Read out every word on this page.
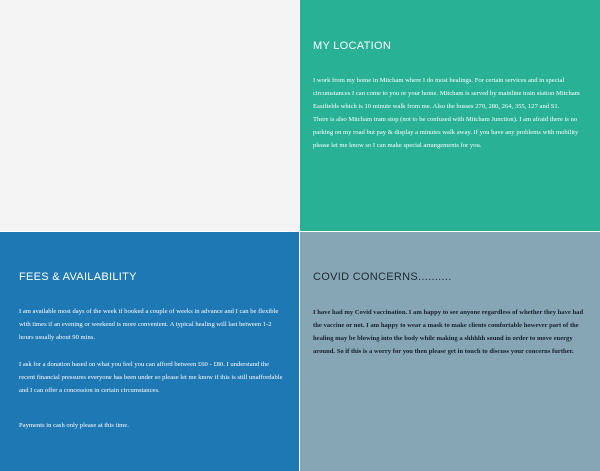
MY LOCATION

I work from my home in Mitcham where I do most healings. For certain services and in special circumstances I can come to you or your home. Mitcham is served by mainline train station Mitcham Eastfields which is 10 minute walk from me. Also the busses 270, 280, 264, 355, 127 and S1.

There is also Mitcham tram stop (not to be confused with Mitcham Junction). I am afraid there is no parking on my road but pay & display a minutes walk away. If you have any problems with mobility please let me know so I can make special arrangements for you.

FEES & AVAILABILITY

I am available most days of the week if booked a couple of weeks in advance and I can be flexible with times if an evening or weekend is more convenient. A typical healing will last between 1-2 hours usually about 90 mins.

I ask for a donation based on what you feel you can afford between £60 - £80. I understand the recent financial pressures everyone has been under so please let me know if this is still unaffordable and I can offer a concession in certain circumstances.

Payments in cash only please at this time.

COVID CONCERNS..........

I have had my Covid vaccination. I am happy to see anyone regardless of whether they have had the vaccine or not. I am happy to wear a mask to make clients comfortable however part of the healing may be blowing into the body while making a shhhhh sound in order to move energy around. So if this is a worry for you then please get in touch to discuss your concerns further.
